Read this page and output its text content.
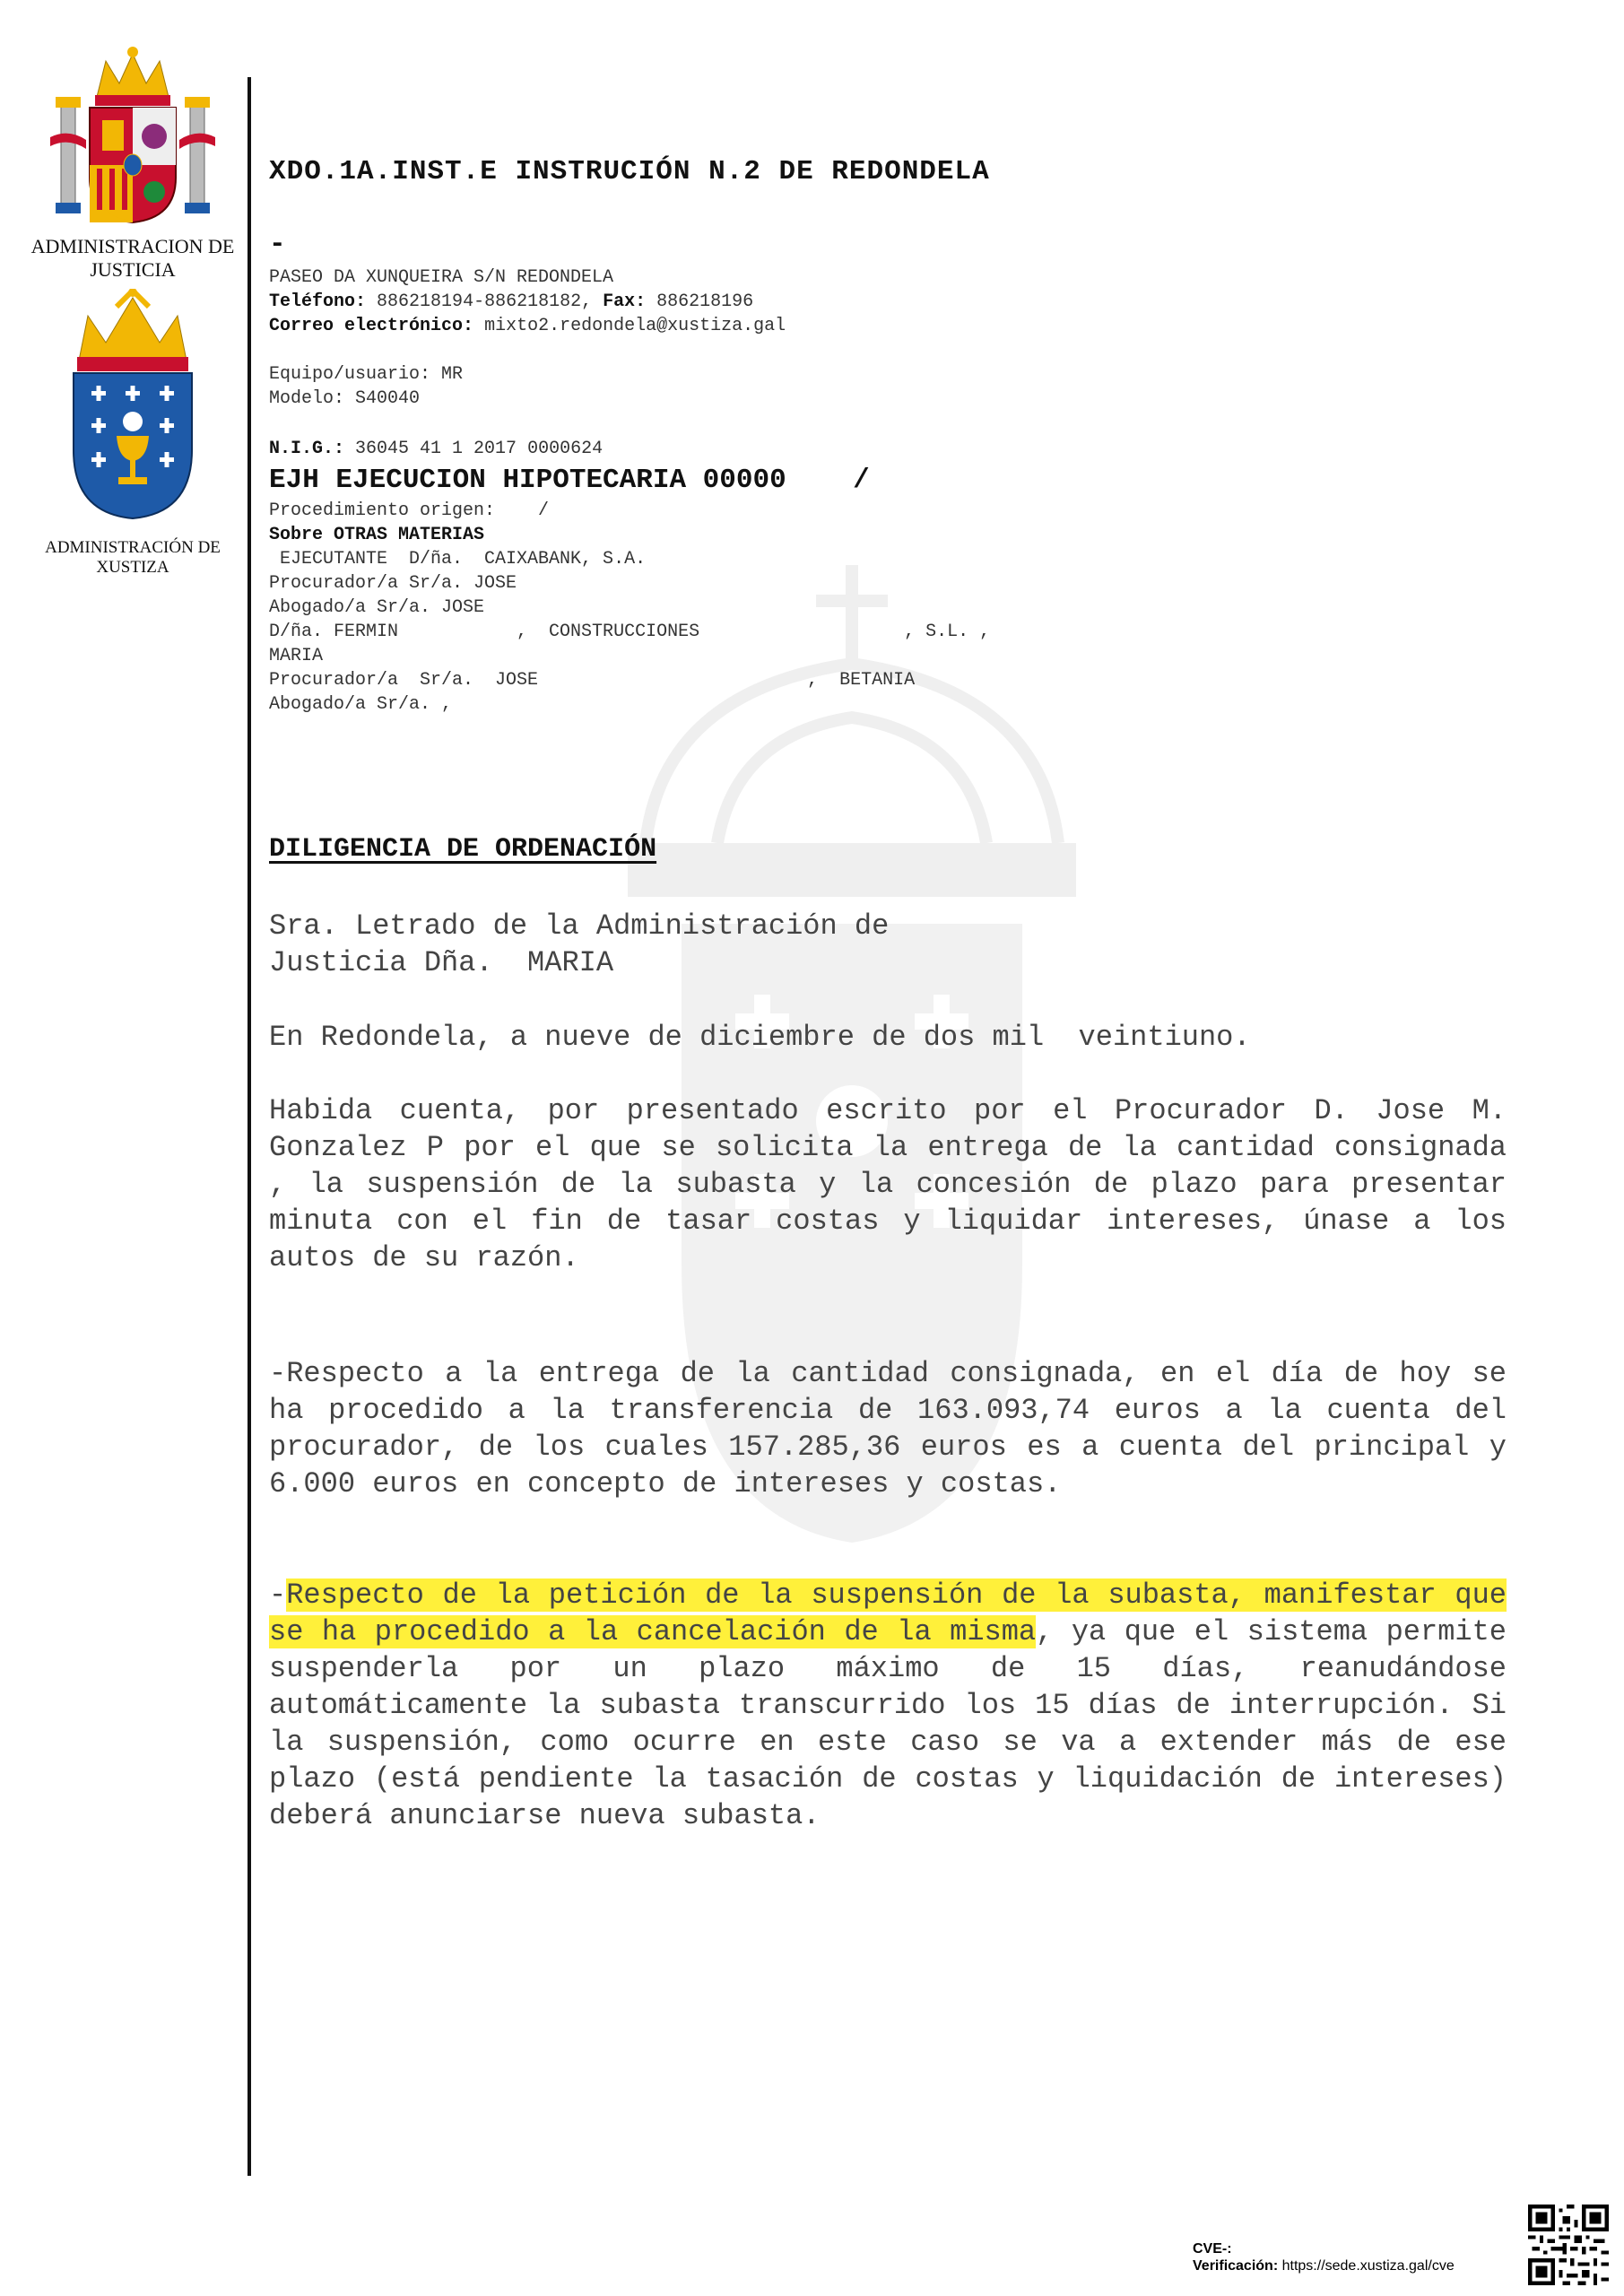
ADMINISTRACION DE JUSTICIA
ADMINISTRACIÓN DE XUSTIZA
XDO.1A.INST.E INSTRUCIÓN N.2 DE REDONDELA
-
PASEO DA XUNQUEIRA S/N REDONDELA
Teléfono: 886218194-886218182, Fax: 886218196
Correo electrónico: mixto2.redondela@xustiza.gal
Equipo/usuario: MR
Modelo: S40040
N.I.G.: 36045 41 1 2017 0000624
EJH EJECUCION HIPOTECARIA 00000    /
Procedimiento origen:    /
Sobre OTRAS MATERIAS
EJECUTANTE  D/ña.  CAIXABANK, S.A.
Procurador/a Sr/a. JOSE
Abogado/a Sr/a. JOSE
D/ña. FERMIN           ,  CONSTRUCCIONES                   , S.L. ,
MARIA
Procurador/a  Sr/a.  JOSE                         ,  BETANIA
Abogado/a Sr/a. ,
DILIGENCIA DE ORDENACIÓN
Sra. Letrado de la Administración de
Justicia Dña.  MARIA
En Redondela, a nueve de diciembre de dos mil  veintiuno.
Habida cuenta, por presentado escrito por el Procurador D. Jose M. Gonzalez P por el que se solicita la entrega de la cantidad consignada , la suspensión de la subasta y la concesión de plazo para presentar minuta con el fin de tasar costas y liquidar intereses, únase a los autos de su razón.
-Respecto a la entrega de la cantidad consignada, en el día de hoy se ha procedido a la transferencia de 163.093,74 euros a la cuenta del procurador, de los cuales 157.285,36 euros es a cuenta del principal y 6.000 euros en concepto de intereses y costas.
-Respecto de la petición de la suspensión de la subasta, manifestar que se ha procedido a la cancelación de la misma, ya que el sistema permite suspenderla por un plazo máximo de 15 días, reanudándose automáticamente la subasta transcurrido los 15 días de interrupción. Si la suspensión, como ocurre en este caso se va a extender más de ese plazo (está pendiente la tasación de costas y liquidación de intereses) deberá anunciarse nueva subasta.
CVE-:
Verificación: https://sede.xustiza.gal/cve
